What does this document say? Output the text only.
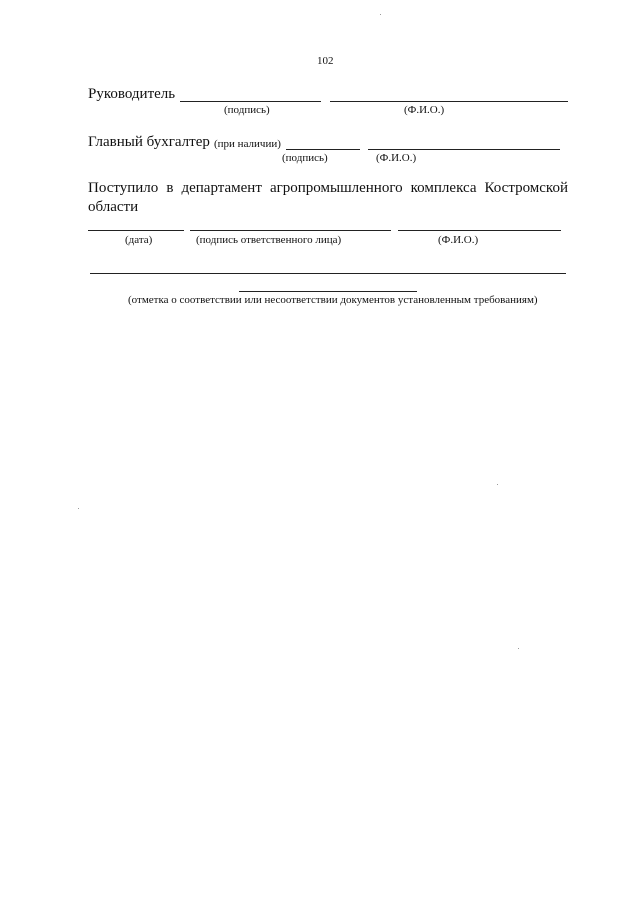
102
Руководитель
(подпись)	(Ф.И.О.)
Главный бухгалтер (при наличии)
(подпись)	(Ф.И.О.)
Поступило в департамент агропромышленного комплекса Костромской
области
(дата)	(подпись ответственного лица)	(Ф.И.О.)
(отметка о соответствии или несоответствии документов установленным требованиям)
